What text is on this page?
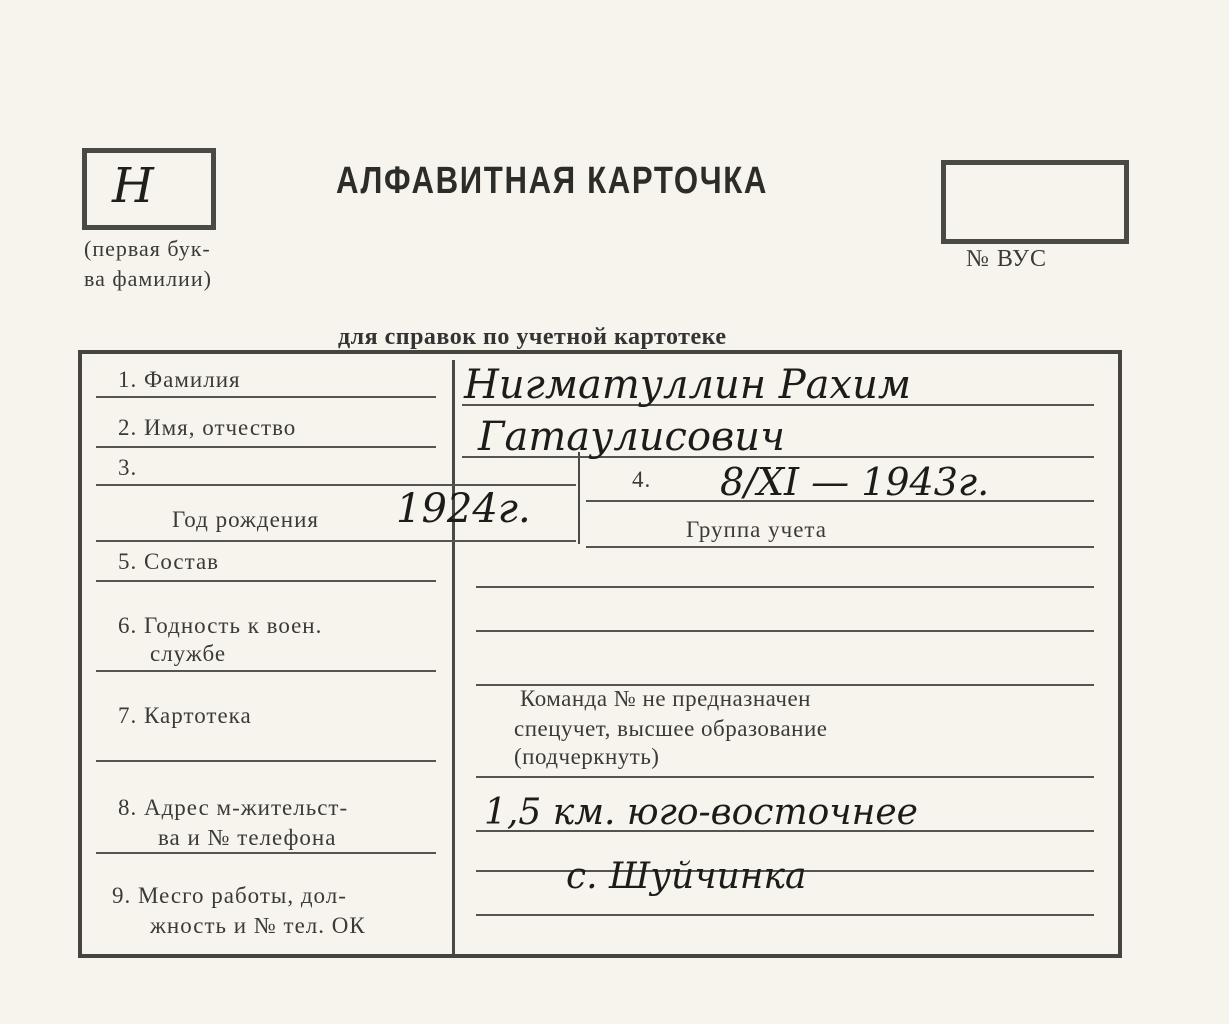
Н
(первая бук-
ва фамилии)
АЛФАВИТНАЯ КАРТОЧКА
№ ВУС
для справок по учетной картотеке
1. Фамилия
2. Имя, отчество
3.
Год рождения
4.
Группа учета
5. Состав
6. Годность к воен.
службе
7. Картотека
8. Адрес м-жительст-
ва и № телефона
9. Месго работы, дол-
жность и № тел. ОК
Команда № не предназначен
спецучет, высшее образование
(подчеркнуть)
Нигматуллин Рахим
Гатаулисович
1924г.
8/XI — 1943г.
1,5 км. юго-восточнее
с. Шуйчинка
